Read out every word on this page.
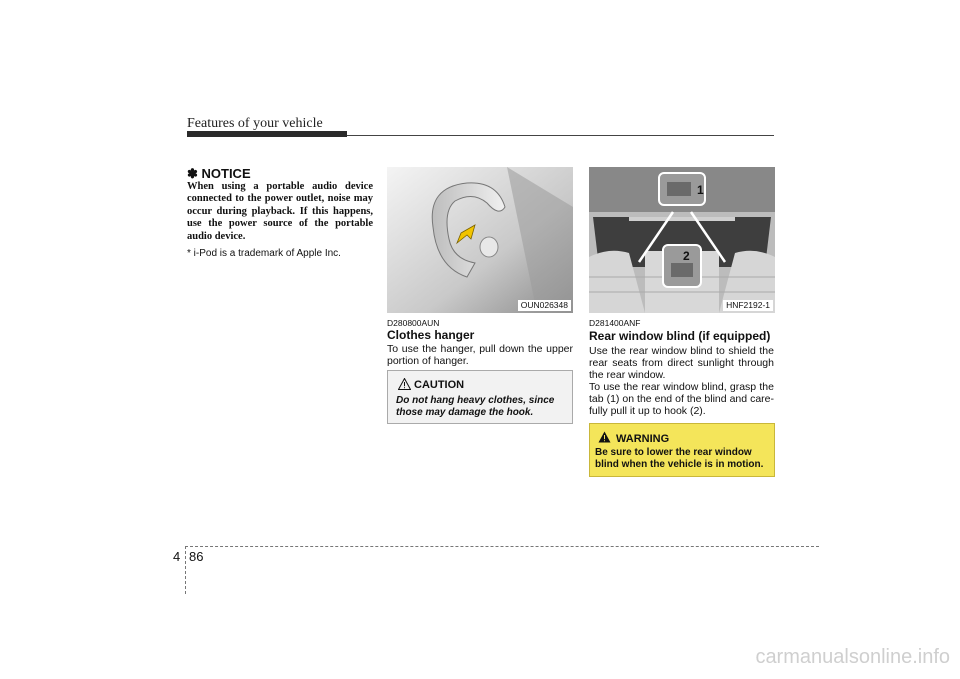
Features of your vehicle
✽ NOTICE
When using a portable audio device connected to the power outlet, noise may occur during playback. If this happens, use the power source of the portable audio device.
* i-Pod is a trademark of Apple Inc.
OUN026348
D280800AUN
Clothes hanger
To use the hanger, pull down the upper portion of hanger.
CAUTION
Do not hang heavy clothes, since those may damage the hook.
1
2
HNF2192-1
D281400ANF
Rear window blind (if equipped)
Use the rear window blind to shield the rear seats from direct sunlight through the rear window.
To use the rear window blind, grasp the tab (1) on the end of the blind and care-fully pull it up to hook (2).
WARNING
Be sure to lower the rear window blind when the vehicle is in motion.
4 86
carmanualsonline.info
